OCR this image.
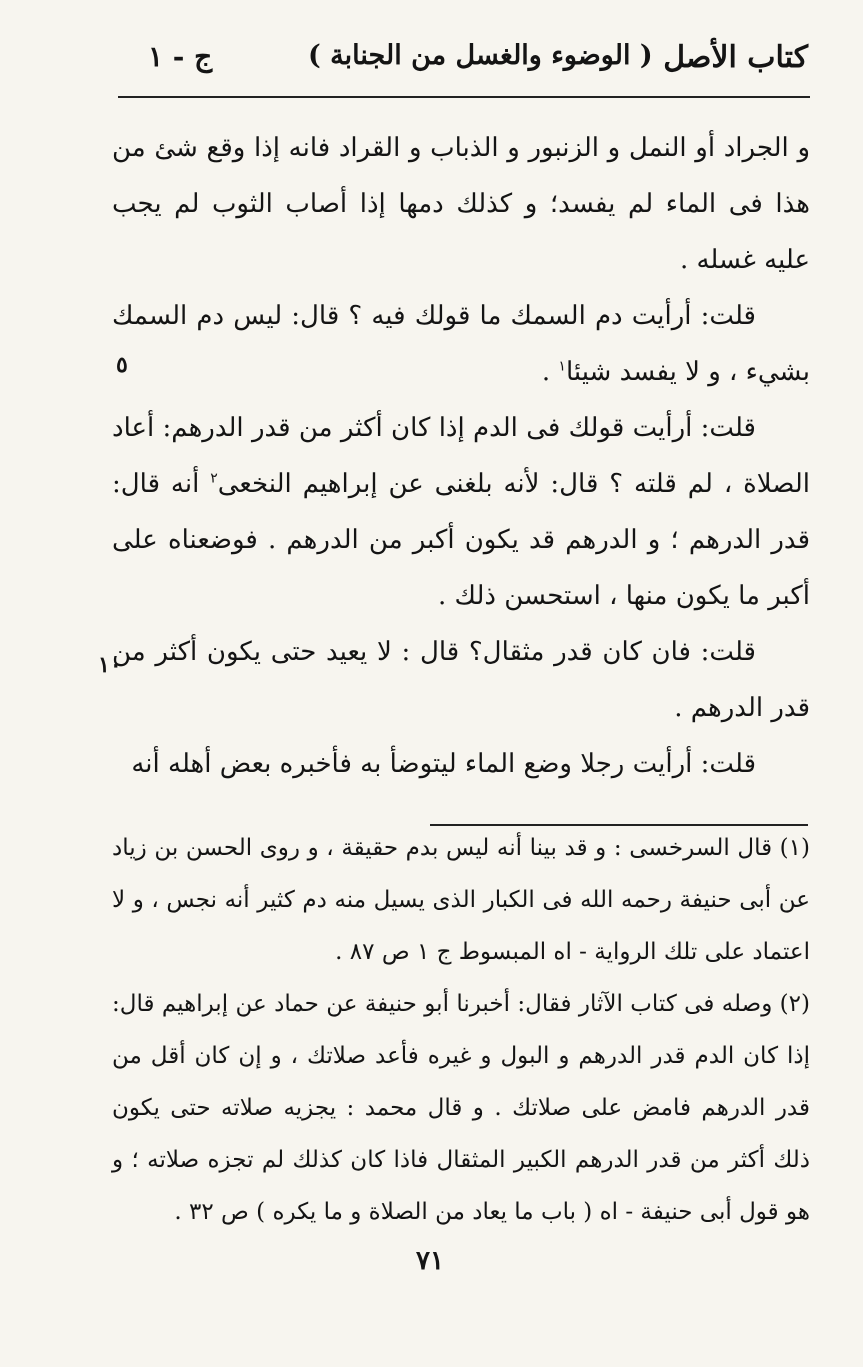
كتاب الأصل
( الوضوء والغسل من الجنابة )
ج - ١

و الجراد أو النمل و الزنبور و الذباب و القراد فانه إذا وقع شئ من هذا فى الماء لم يفسد؛ و كذلك دمها إذا أصاب الثوب لم يجب عليه غسله .

قلت: أرأيت دم السمك ما قولك فيه ؟ قال: ليس دم السمك بشيء ، و لا يفسد شيئا$^١$ .

قلت: أرأيت قولك فى الدم إذا كان أكثر من قدر الدرهم: أعاد الصلاة ، لم قلته ؟ قال: لأنه بلغنى عن إبراهيم النخعى$^٢$ أنه قال: قدر الدرهم ؛ و الدرهم قد يكون أكبر من الدرهم . فوضعناه على أكبر ما يكون منها ، استحسن ذلك .

قلت: فان كان قدر مثقال؟ قال : لا يعيد حتى يكون أكثر من قدر الدرهم .

قلت: أرأيت رجلا وضع الماء ليتوضأ به فأخبره بعض أهله أنه

٥
١٠

(١) قال السرخسى : و قد بينا أنه ليس بدم حقيقة ، و روى الحسن بن زياد عن أبى حنيفة رحمه الله فى الكبار الذى يسيل منه دم كثير أنه نجس ، و لا اعتماد على تلك الرواية - اه المبسوط ج ١ ص ٨٧ .

(٢) وصله فى كتاب الآثار فقال: أخبرنا أبو حنيفة عن حماد عن إبراهيم قال: إذا كان الدم قدر الدرهم و البول و غيره فأعد صلاتك ، و إن كان أقل من قدر الدرهم فامض على صلاتك . و قال محمد : يجزيه صلاته حتى يكون ذلك أكثر من قدر الدرهم الكبير المثقال فاذا كان كذلك لم تجزه صلاته ؛ و هو قول أبى حنيفة - اه ( باب ما يعاد من الصلاة و ما يكره ) ص ٣٢ .

٧١
